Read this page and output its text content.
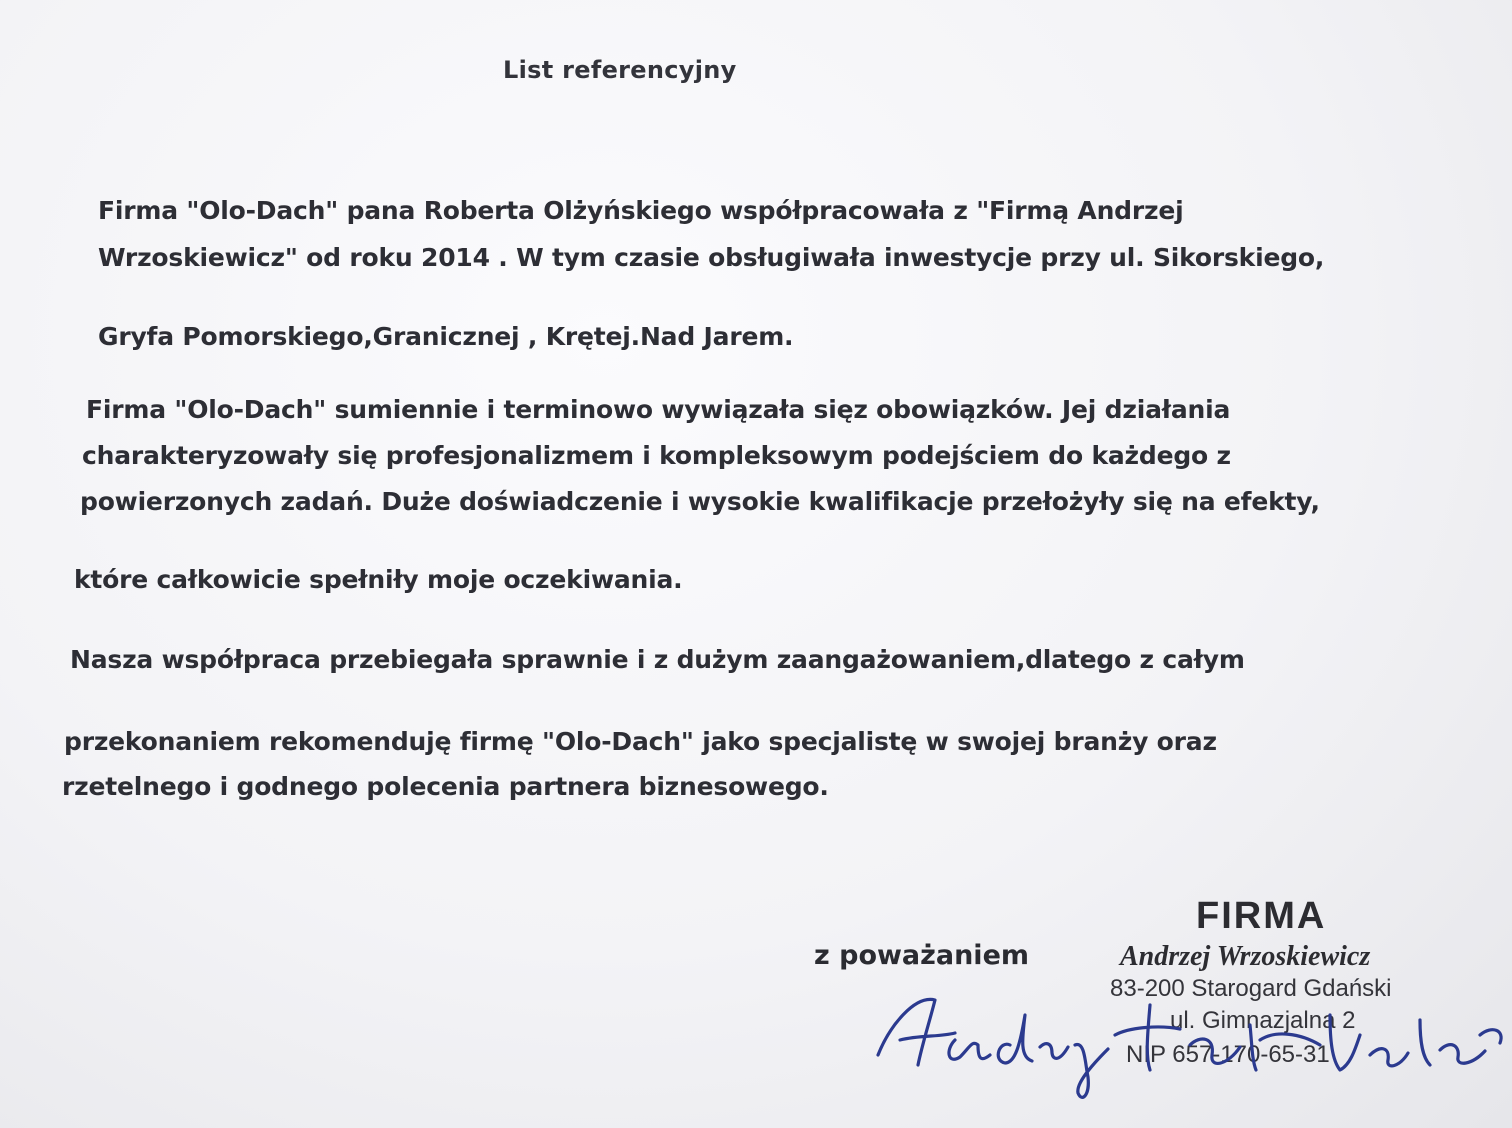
List referencyjny
Firma "Olo-Dach" pana Roberta Olżyńskiego współpracowała z "Firmą Andrzej
Wrzoskiewicz" od roku 2014 . W tym czasie obsługiwała inwestycje przy ul. Sikorskiego,
Gryfa Pomorskiego,Granicznej , Krętej.Nad Jarem.
Firma "Olo-Dach" sumiennie i terminowo wywiązała sięz obowiązków. Jej działania
charakteryzowały się profesjonalizmem i kompleksowym podejściem do każdego z
powierzonych zadań. Duże doświadczenie i wysokie kwalifikacje przełożyły się na efekty,
które całkowicie spełniły moje oczekiwania.
Nasza współpraca przebiegała sprawnie i z dużym zaangażowaniem,dlatego z całym
przekonaniem rekomenduję firmę "Olo-Dach" jako specjalistę w swojej branży oraz
rzetelnego i godnego polecenia partnera biznesowego.
z poważaniem
FIRMA
Andrzej Wrzoskiewicz
83-200 Starogard Gdański
ul. Gimnazjalna 2
NIP 657-170-65-31
